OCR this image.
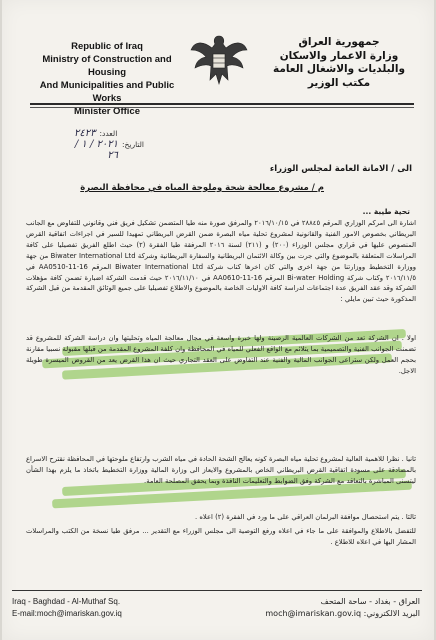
Republic of Iraq
Ministry of Construction and Housing
And Municipalities and Public Works
Minister Office
جمهورية العراق
وزارة الاعمار والاسكان
والبلديات والاشغال العامة
مكتب الوزير
العدد:
٢٤٢٣
التاريخ:
٢٠٢١ / ١ / ٢٦
الى / الامانة العامة لمجلس الوزراء
م / مشروع معالجة شحة وملوحة المياه في محافظة البصرة
تحية طيبة ...

اشارة الى امركم الوزاري المرقم ٢٨٨٤٥ في ٢٠١٦/١٠/١٥ والمرفق صورة منه طيا المتضمن تشكيل فريق فني وقانوني للتفاوض مع الجانب البريطاني بخصوص الامور الفنية والقانونية لمشروع تحلية مياه البصرة ضمن القرض البريطاني تمهيدا للسير في اجراءات اتفاقية القرض المنصوص عليها في قراري مجلس الوزراء (٢٠٠) و (٢١١) لسنة ٢٠١٦ المرفقة طيا الفقرة (٢) حيث اطلع الفريق تفصيليا على كافة المراسلات المتعلقة بالموضوع والتي جرت بين وكالة الائتمان البريطانية والسفارة البريطانية وشركة Biwater International Ltd من جهة ووزارة التخطيط ووزارتنا من جهة اخرى والتي كان اخرها كتاب شركة Biwater International Ltd المرقم AA0510-11-16 في ٢٠١٦/١١/٥ وكتاب شركة Bi-water Holding المرقم AA0610-11-16 في ٢٠١٦/١١/١٠ حيث قدمت الشركة اضبارة تضمن كافة مؤهلات الشركة وقد عقد الفريق عدة اجتماعات لدراسة كافة الاوليات الخاصة بالموضوع والاطلاع تفصيليا على جميع الوثائق المقدمة من قبل الشركة المذكورة حيث تبين مايلي :

اولا . ان الشركة تعد من الشركات العالمية الرصينة ولها خبرة واسعة في مجال معالجة المياه وتحليتها وان دراسة الشركة للمشروع قد تضمنت الجوانب الفنية والتصميمية بما يتلائم مع الواقع الفعلي للمياه في المحافظة وان كلفة المشروع المقدمة من قبلها مقبولة نسبيا مقارنة بحجم العمل ولكن ستراعى الجوانب المالية والفنية عند التفاوض على العقد التجاري حيث ان هذا القرض يعد من القروض الميسرة طويلة الاجل.

ثانيا . نظرا للاهمية العالية لمشروع تحلية مياه البصرة كونه يعالج الشحة الحادة في مياه الشرب وارتفاع ملوحتها في المحافظة نقترح الاسراع بالمصادقة على مسودة اتفاقية القرض البريطاني الخاص بالمشروع والايعاز الى وزارة المالية ووزارة التخطيط باتخاذ ما يلزم بهذا الشأن ليتسنى المباشرة بالتعاقد مع الشركة وفق الضوابط والتعليمات النافذة وبما يحقق المصلحة العامة.

ثالثا . يتم استحصال موافقة البرلمان العراقي على ما ورد في الفقرة (٢) اعلاه .

للتفضل بالاطلاع والموافقة على ما جاء في اعلاه ورفع التوصية الى مجلس الوزراء مع التقدير ... مرفق طيا نسخة من الكتب والمراسلات المشار اليها في اعلاه للاطلاع .

Iraq - Baghdad - Al-Muthaf Sq.
E-mail:moch@imariskan.gov.iq
العراق - بغداد - ساحة المتحف
البريد الالكتروني: moch@imariskan.gov.iq
